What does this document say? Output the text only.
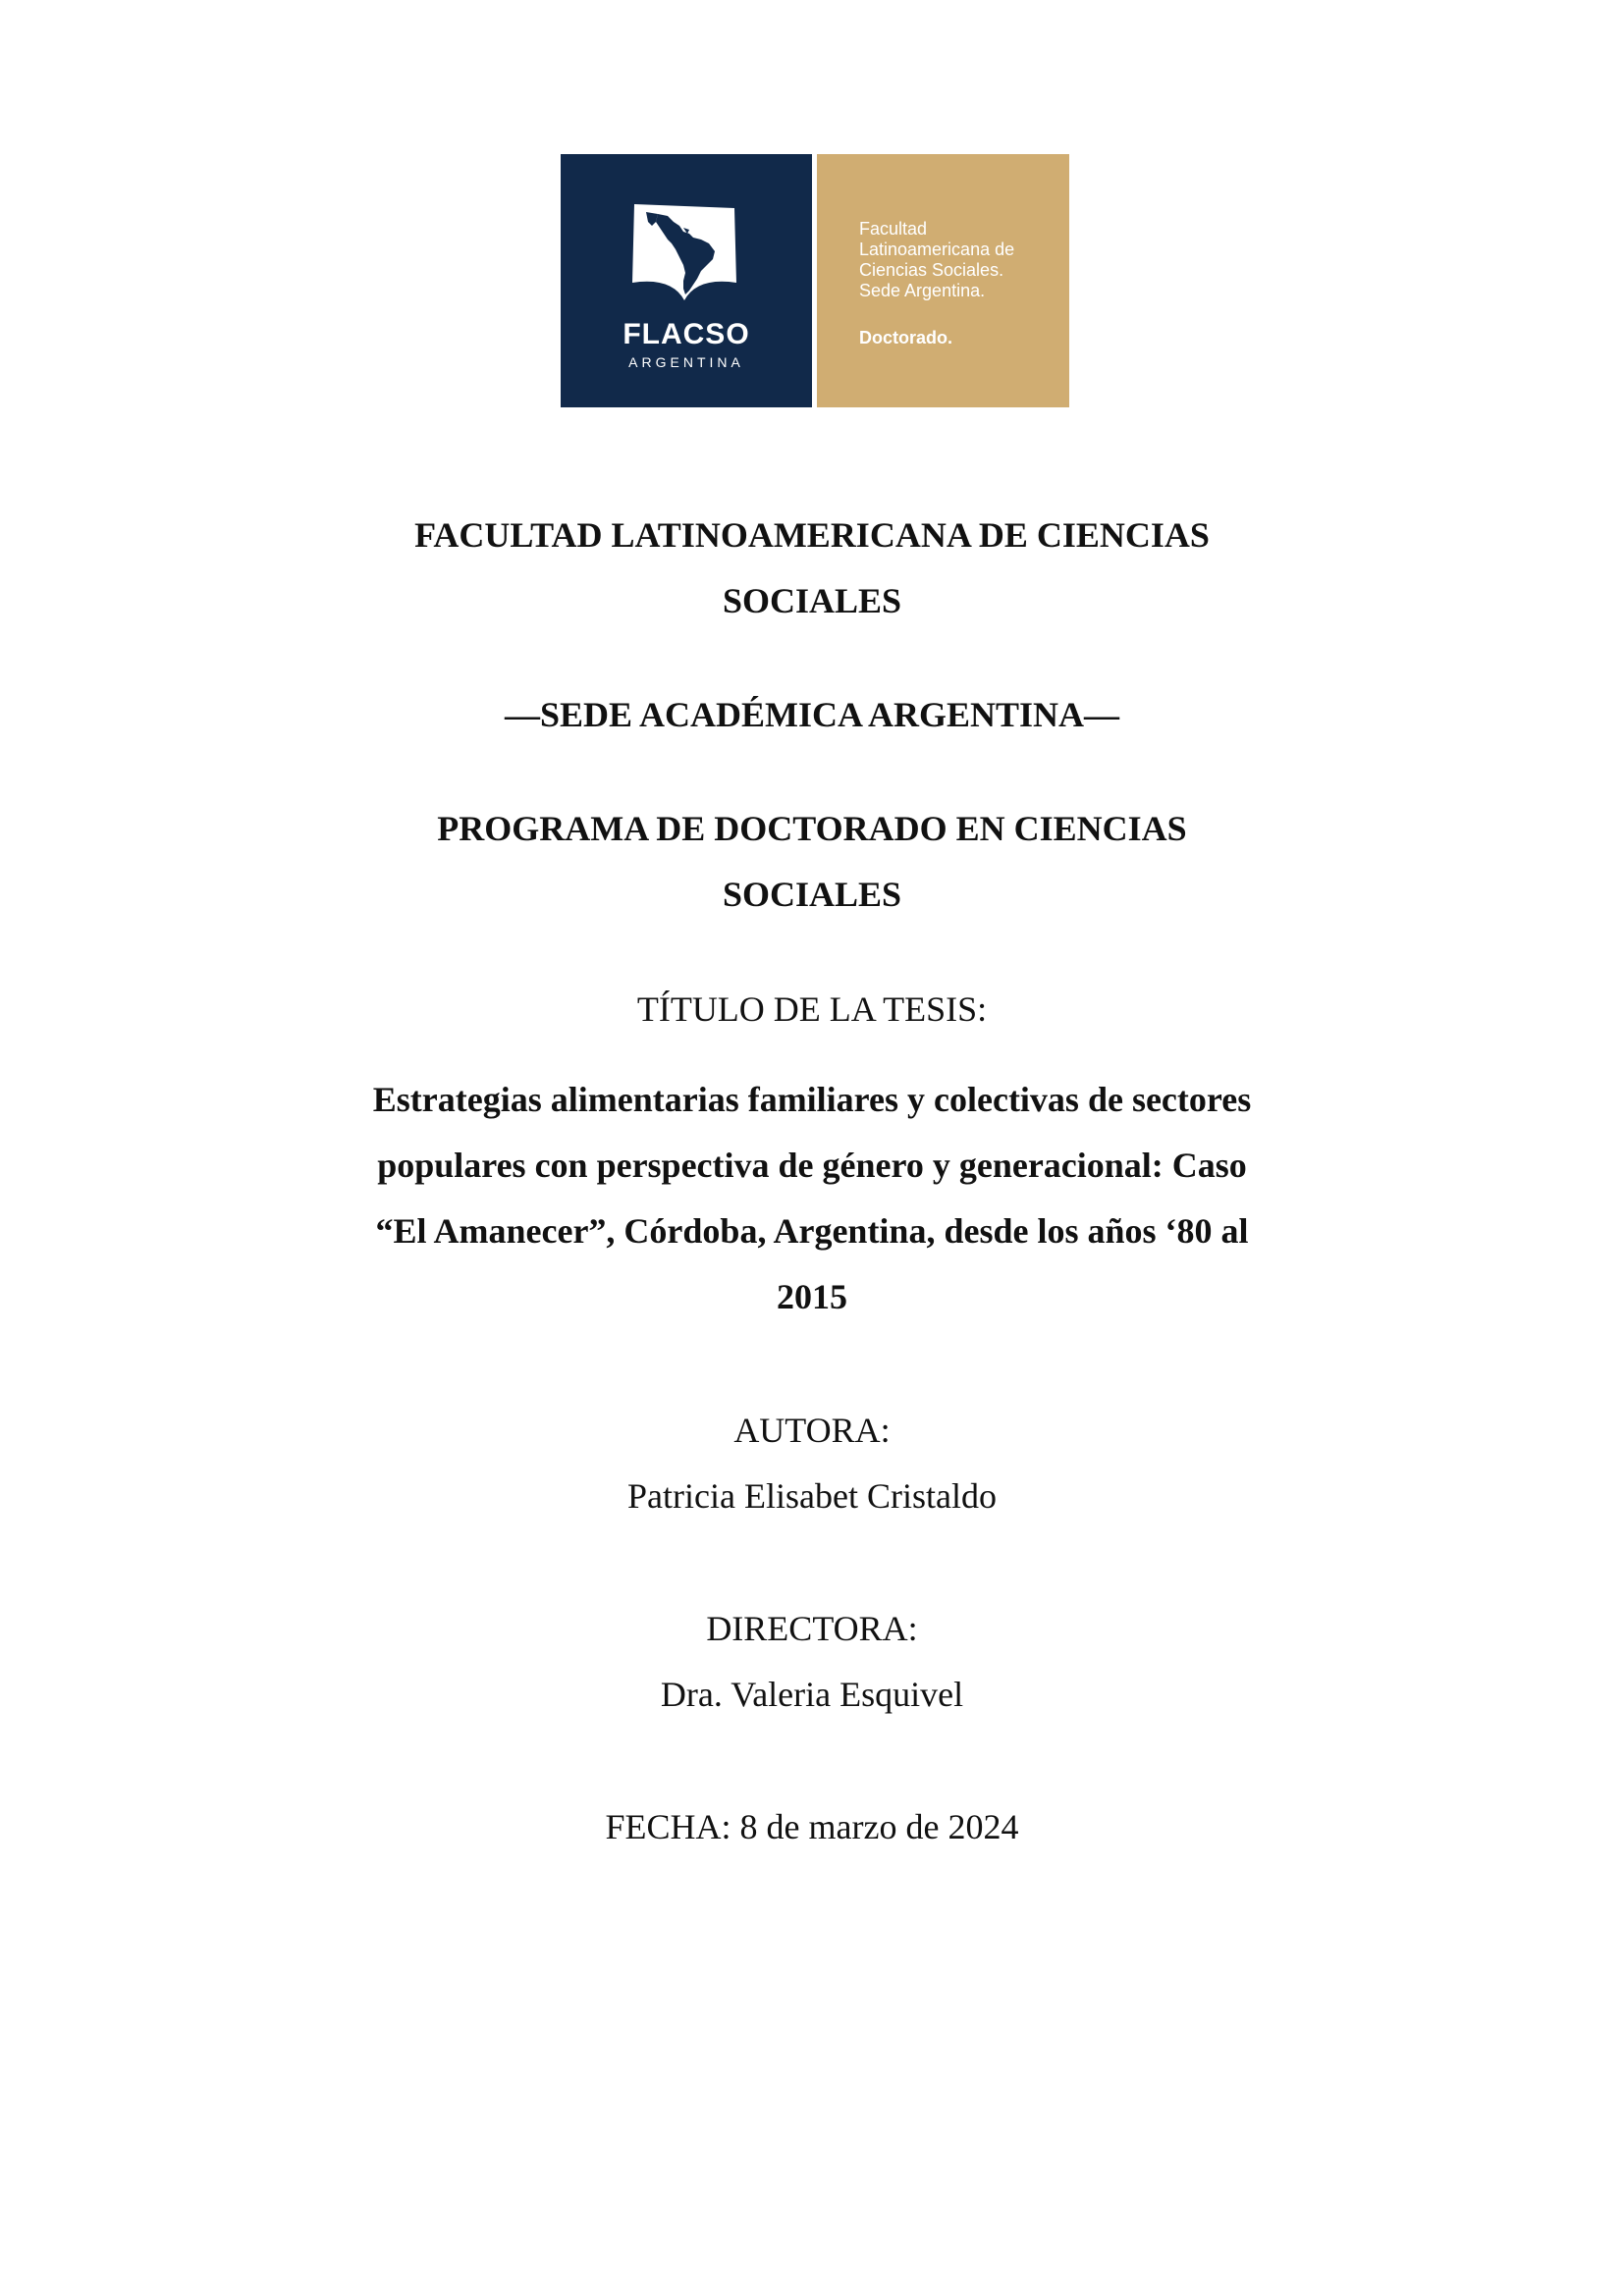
FLACSO
ARGENTINA
Facultad
Latinoamericana de
Ciencias Sociales.
Sede Argentina.
Doctorado.
FACULTAD LATINOAMERICANA DE CIENCIAS
SOCIALES
—SEDE ACADÉMICA ARGENTINA—
PROGRAMA DE DOCTORADO EN CIENCIAS
SOCIALES
TÍTULO DE LA TESIS:
Estrategias alimentarias familiares y colectivas de sectores
populares con perspectiva de género y generacional: Caso
“El Amanecer”, Córdoba, Argentina, desde los años ‘80 al
2015
AUTORA:
Patricia Elisabet Cristaldo
DIRECTORA:
Dra. Valeria Esquivel
FECHA: 8 de marzo de 2024
